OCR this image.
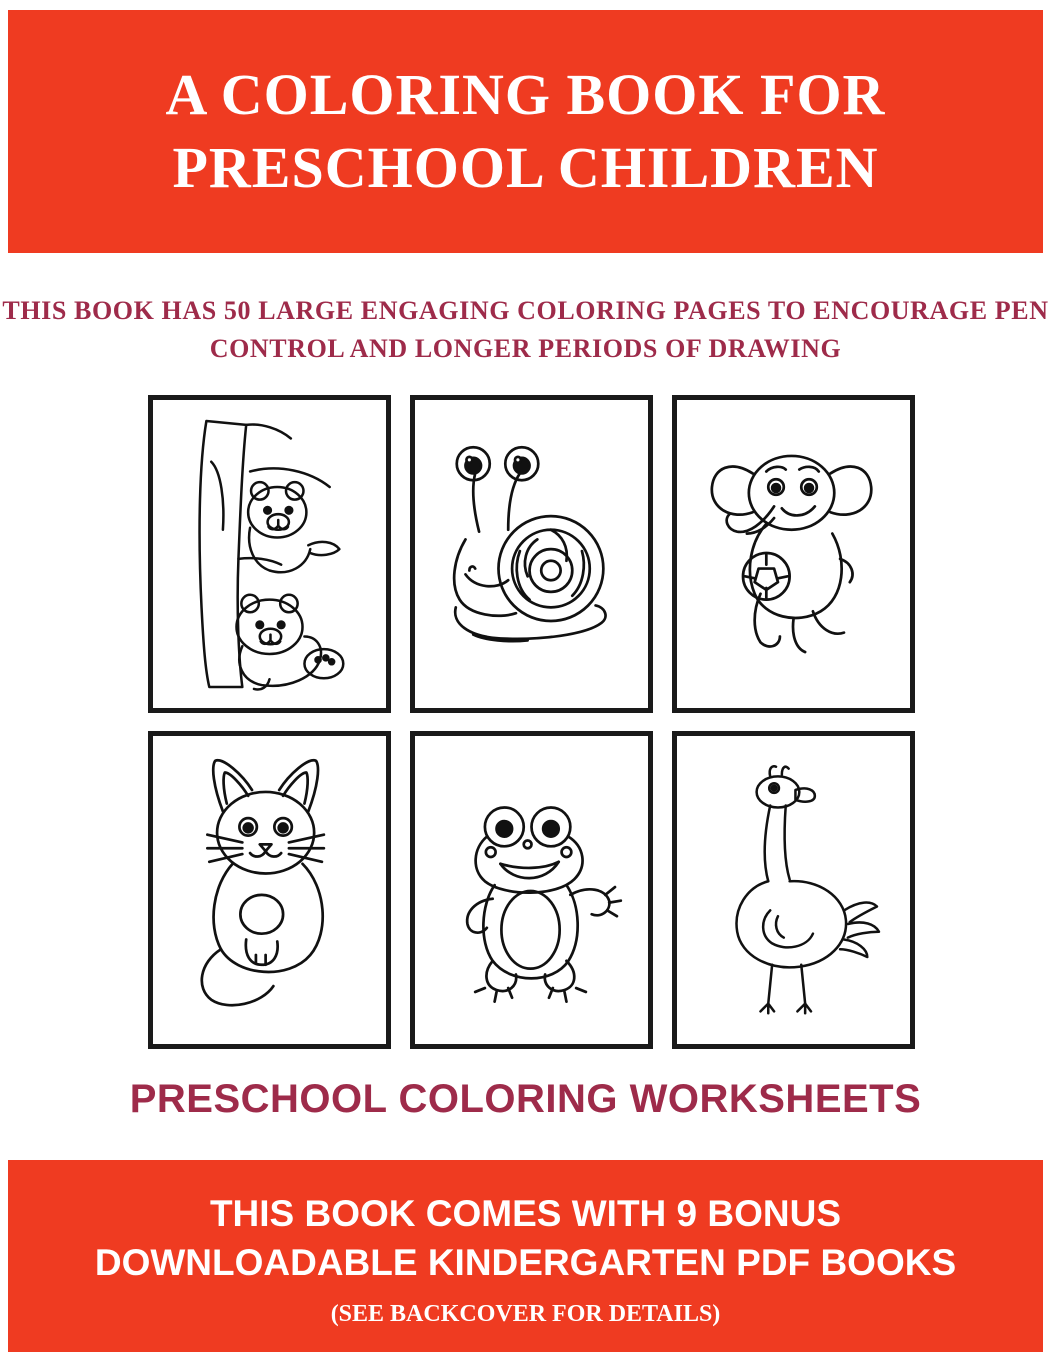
A COLORING BOOK FOR
PRESCHOOL CHILDREN
THIS BOOK HAS 50 LARGE ENGAGING COLORING PAGES TO ENCOURAGE PEN
CONTROL AND LONGER PERIODS OF DRAWING
PRESCHOOL COLORING WORKSHEETS
THIS BOOK COMES WITH 9 BONUS
DOWNLOADABLE KINDERGARTEN PDF BOOKS
(SEE BACKCOVER FOR DETAILS)
